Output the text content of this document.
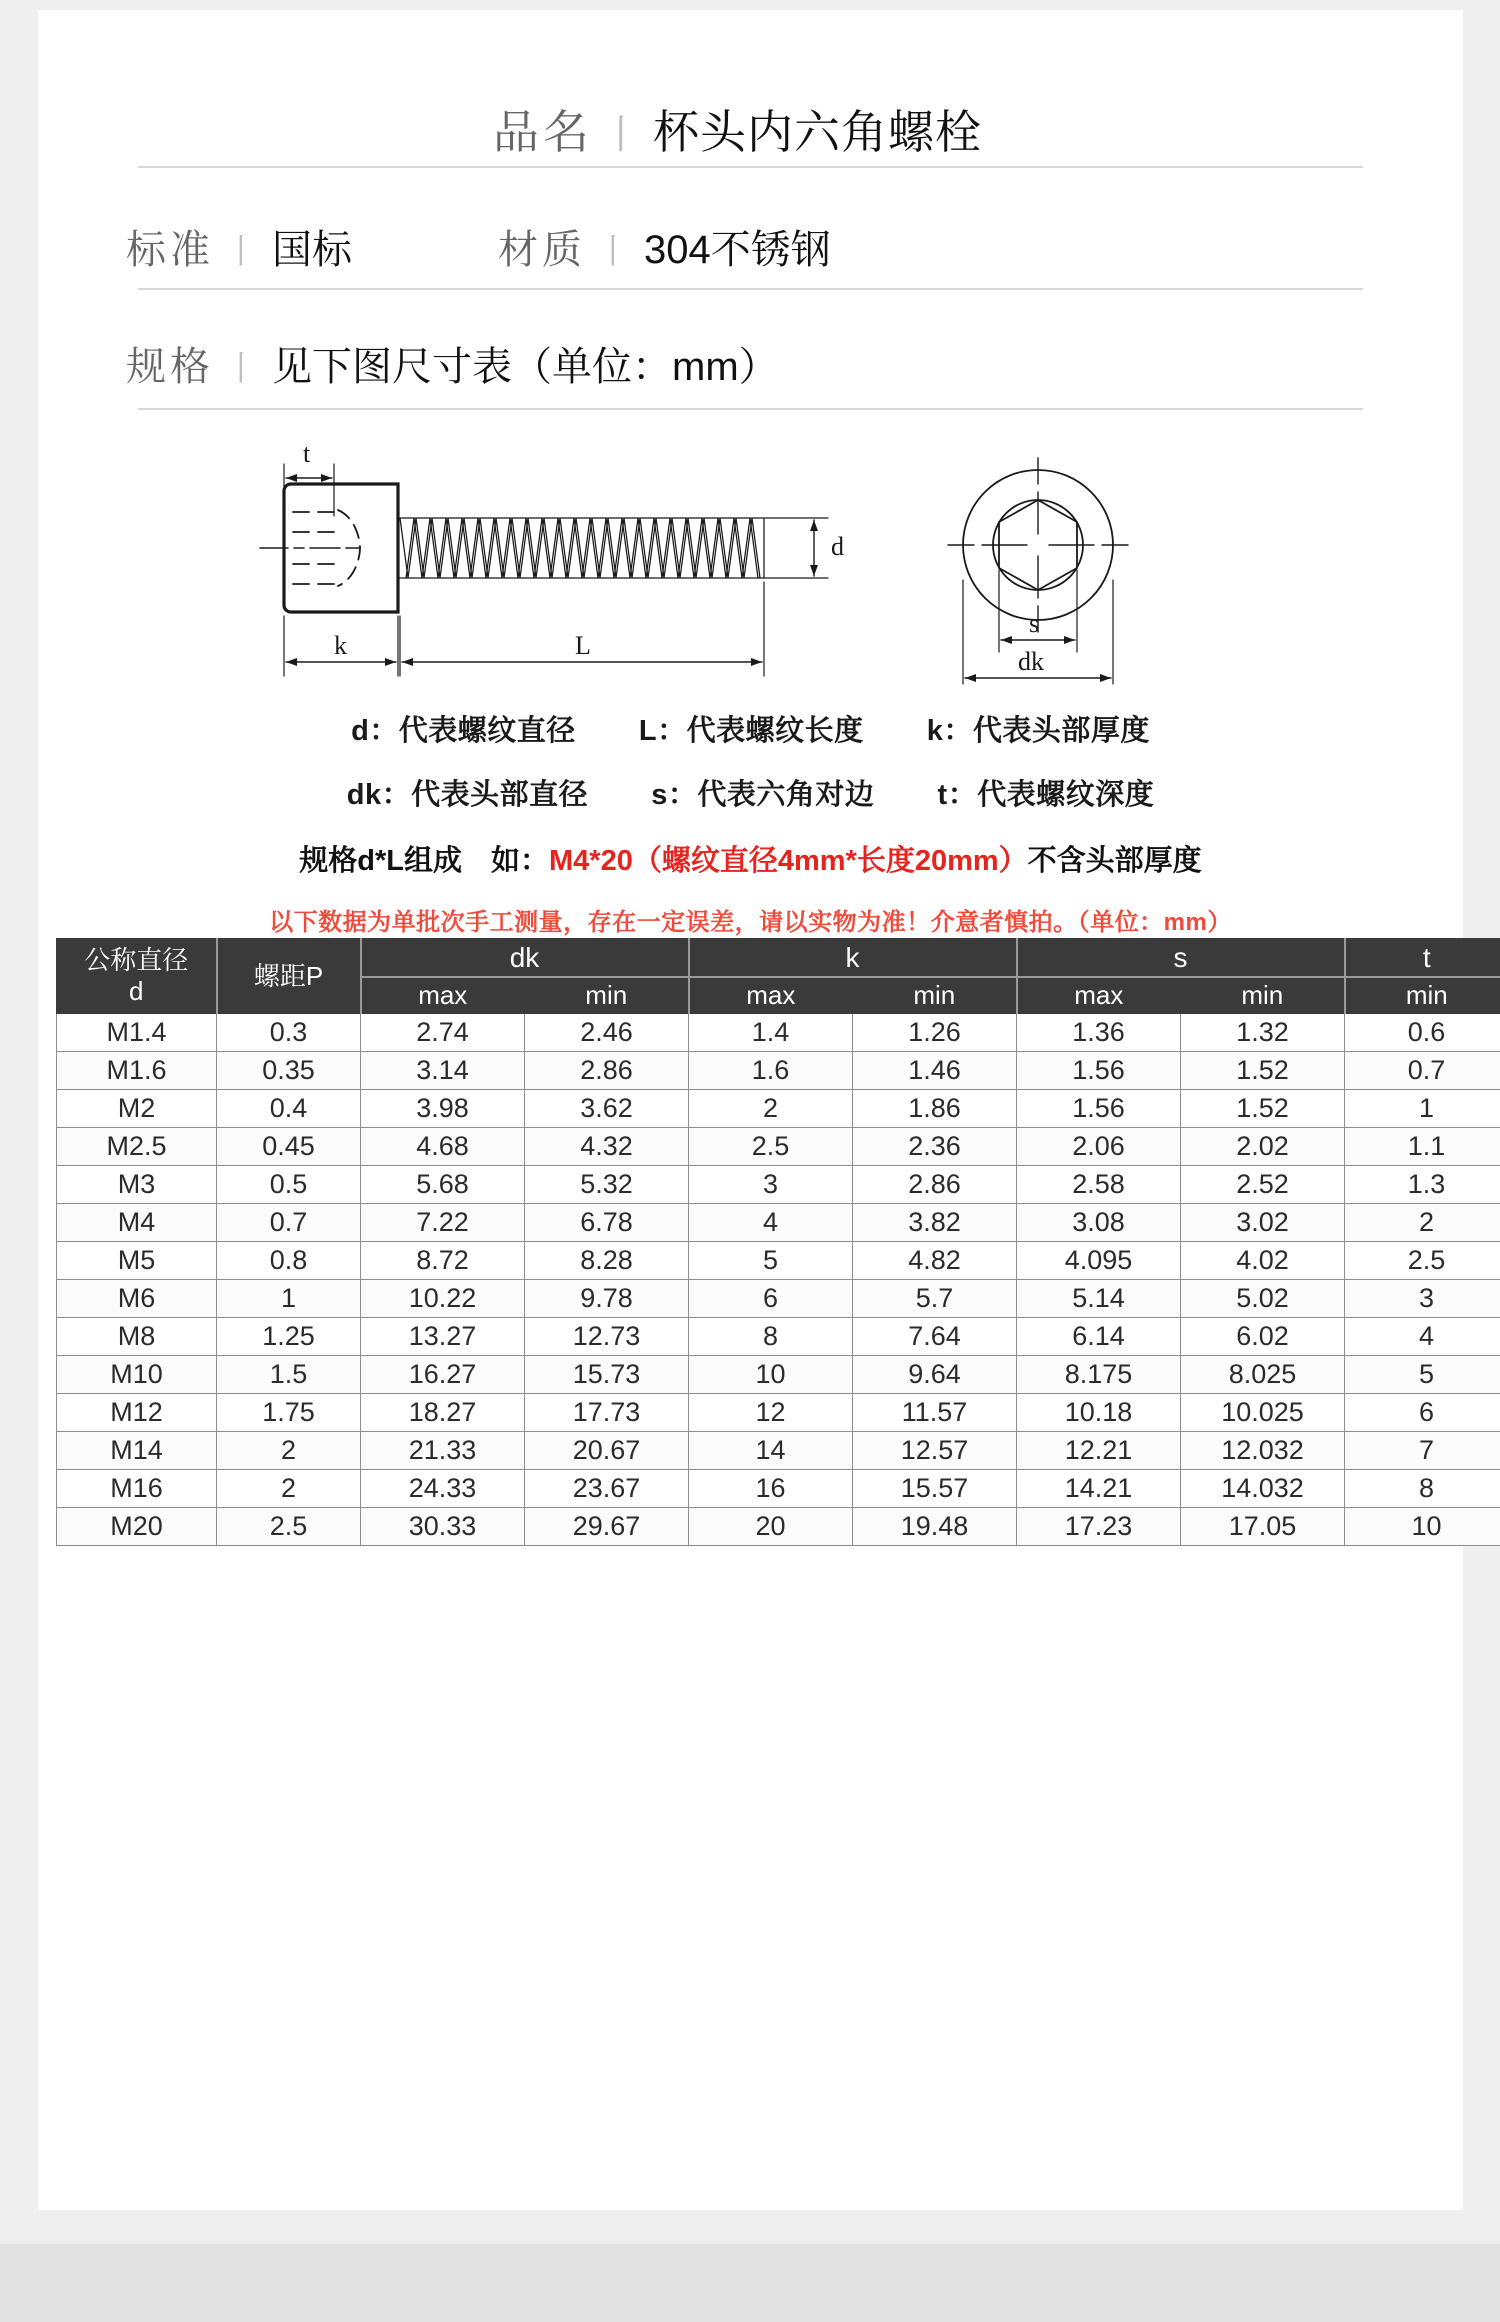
品名 丨 杯头内六角螺栓
标准 丨 国标	材质 丨 304不锈钢
规格 丨 见下图尺寸表（单位：mm）
t
k	L
d
s
dk
d：代表螺纹直径 L：代表螺纹长度 k：代表头部厚度
dk：代表头部直径 s：代表六角对边 t：代表螺纹深度
规格d*L组成　如：M4*20（螺纹直径4mm*长度20mm）不含头部厚度
以下数据为单批次手工测量，存在一定误差，请以实物为准！介意者慎拍。（单位：mm）
公称直径
d	螺距P	dk		k		s		t
		max	min	max	min	max	min	min
M1.4	0.3	2.74	2.46	1.4	1.26	1.36	1.32	0.6
M1.6	0.35	3.14	2.86	1.6	1.46	1.56	1.52	0.7
M2	0.4	3.98	3.62	2	1.86	1.56	1.52	1
M2.5	0.45	4.68	4.32	2.5	2.36	2.06	2.02	1.1
M3	0.5	5.68	5.32	3	2.86	2.58	2.52	1.3
M4	0.7	7.22	6.78	4	3.82	3.08	3.02	2
M5	0.8	8.72	8.28	5	4.82	4.095	4.02	2.5
M6	1	10.22	9.78	6	5.7	5.14	5.02	3
M8	1.25	13.27	12.73	8	7.64	6.14	6.02	4
M10	1.5	16.27	15.73	10	9.64	8.175	8.025	5
M12	1.75	18.27	17.73	12	11.57	10.18	10.025	6
M14	2	21.33	20.67	14	12.57	12.21	12.032	7
M16	2	24.33	23.67	16	15.57	14.21	14.032	8
M20	2.5	30.33	29.67	20	19.48	17.23	17.05	10
